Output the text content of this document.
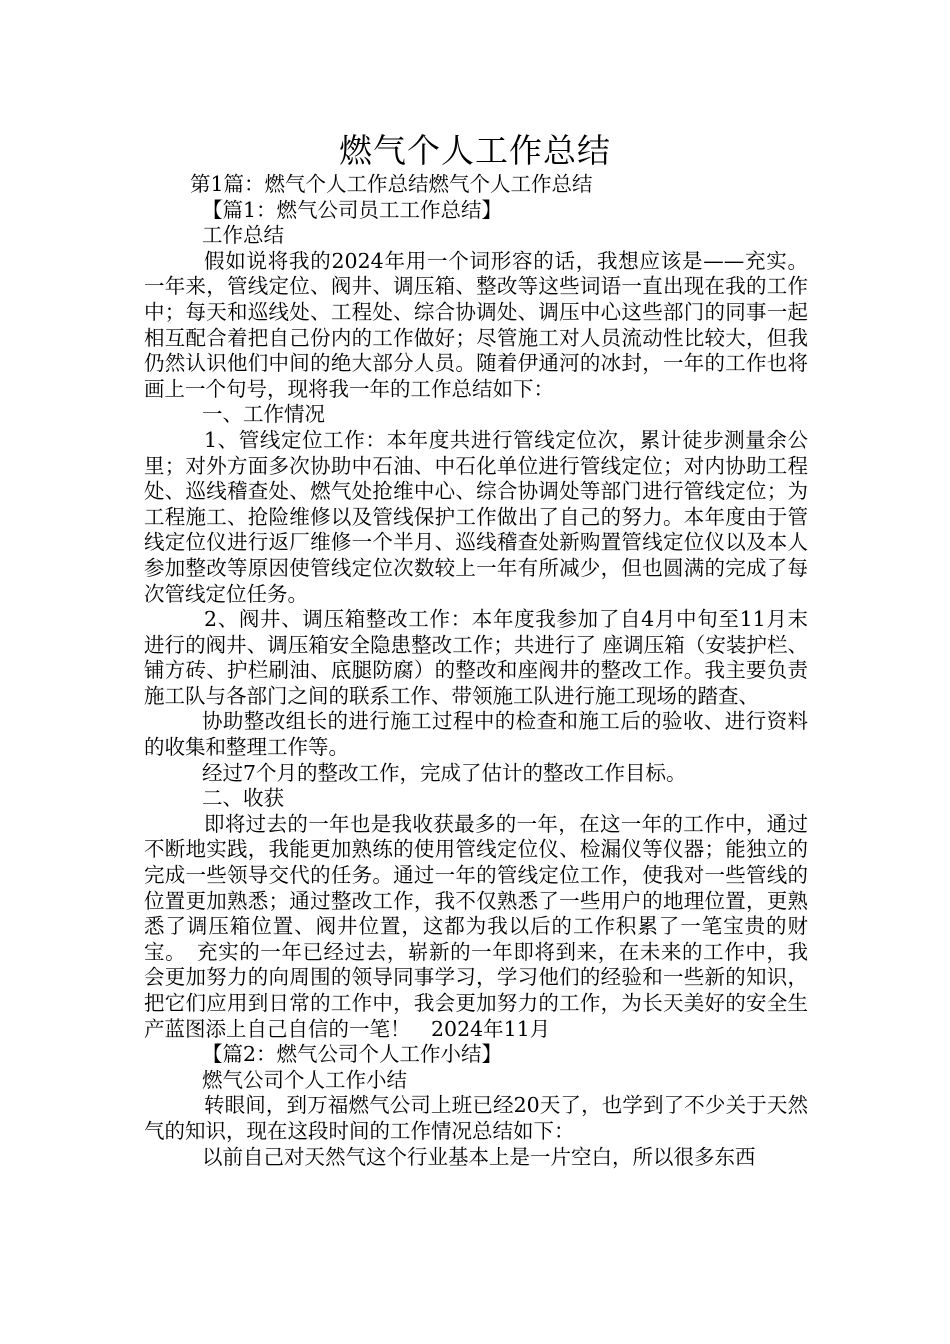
燃气个人工作总结

第1篇：燃气个人工作总结燃气个人工作总结

【篇1：燃气公司员工工作总结】

工作总结

假如说将我的2024年用一个词形容的话，我想应该是——充实。一年来，管线定位、阀井、调压箱、整改等这些词语一直出现在我的工作中；每天和巡线处、工程处、综合协调处、调压中心这些部门的同事一起相互配合着把自己份内的工作做好；尽管施工对人员流动性比较大，但我仍然认识他们中间的绝大部分人员。随着伊通河的冰封，一年的工作也将画上一个句号，现将我一年的工作总结如下：

一、工作情况

1、管线定位工作：本年度共进行管线定位次，累计徒步测量余公里；对外方面多次协助中石油、中石化单位进行管线定位；对内协助工程处、巡线稽查处、燃气处抢维中心、综合协调处等部门进行管线定位；为工程施工、抢险维修以及管线保护工作做出了自己的努力。本年度由于管线定位仪进行返厂维修一个半月、巡线稽查处新购置管线定位仪以及本人参加整改等原因使管线定位次数较上一年有所减少，但也圆满的完成了每次管线定位任务。

2、阀井、调压箱整改工作：本年度我参加了自4月中旬至11月末进行的阀井、调压箱安全隐患整改工作；共进行了 座调压箱（安装护栏、铺方砖、护栏刷油、底腿防腐）的整改和座阀井的整改工作。我主要负责施工队与各部门之间的联系工作、带领施工队进行施工现场的踏查、

协助整改组长的进行施工过程中的检查和施工后的验收、进行资料的收集和整理工作等。

经过7个月的整改工作，完成了估计的整改工作目标。

二、收获

即将过去的一年也是我收获最多的一年，在这一年的工作中，通过不断地实践，我能更加熟练的使用管线定位仪、检漏仪等仪器；能独立的完成一些领导交代的任务。通过一年的管线定位工作，使我对一些管线的位置更加熟悉；通过整改工作，我不仅熟悉了一些用户的地理位置，更熟悉了调压箱位置、阀井位置，这都为我以后的工作积累了一笔宝贵的财宝。　充实的一年已经过去，崭新的一年即将到来，在未来的工作中，我会更加努力的向周围的领导同事学习，学习他们的经验和一些新的知识，把它们应用到日常的工作中，我会更加努力的工作，为长天美好的安全生产蓝图添上自己自信的一笔！　2024年11月

【篇2：燃气公司个人工作小结】

燃气公司个人工作小结

转眼间，到万福燃气公司上班已经20天了，也学到了不少关于天然气的知识，现在这段时间的工作情况总结如下：

以前自己对天然气这个行业基本上是一片空白，所以很多东西
